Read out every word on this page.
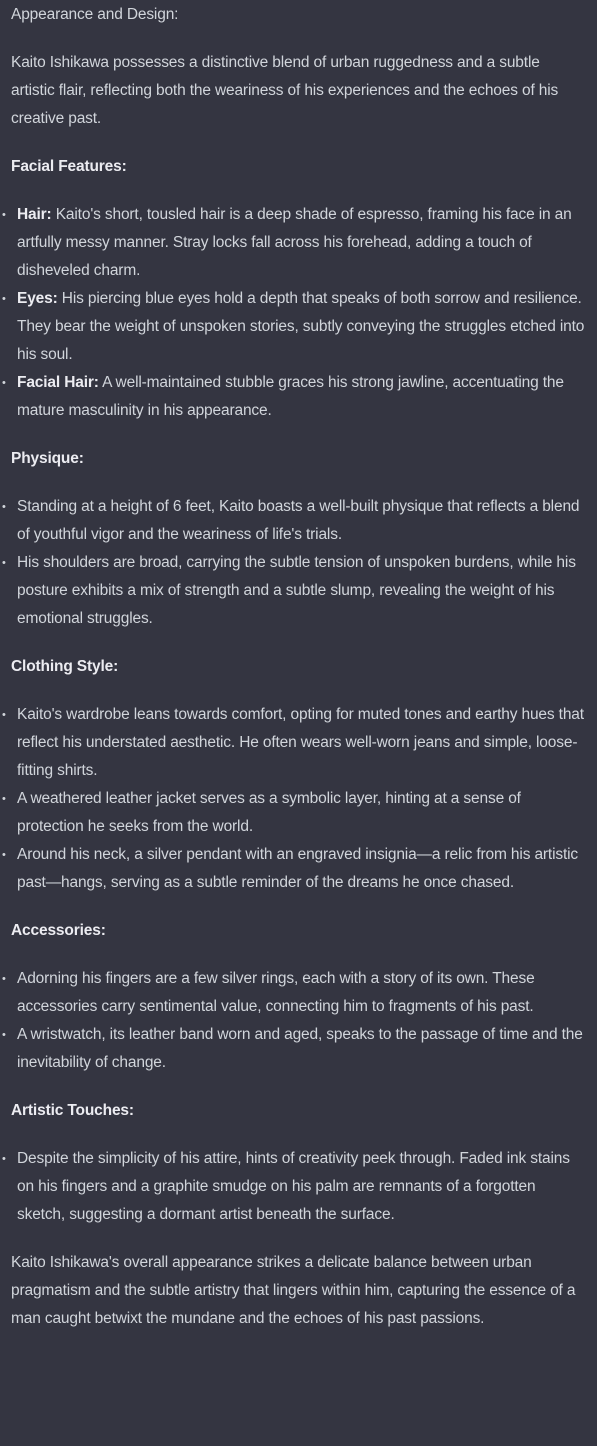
Appearance and Design:

Kaito Ishikawa possesses a distinctive blend of urban ruggedness and a subtle artistic flair, reflecting both the weariness of his experiences and the echoes of his creative past.

Facial Features:

• Hair: Kaito's short, tousled hair is a deep shade of espresso, framing his face in an artfully messy manner. Stray locks fall across his forehead, adding a touch of disheveled charm.
• Eyes: His piercing blue eyes hold a depth that speaks of both sorrow and resilience. They bear the weight of unspoken stories, subtly conveying the struggles etched into his soul.
• Facial Hair: A well-maintained stubble graces his strong jawline, accentuating the mature masculinity in his appearance.

Physique:

• Standing at a height of 6 feet, Kaito boasts a well-built physique that reflects a blend of youthful vigor and the weariness of life's trials.
• His shoulders are broad, carrying the subtle tension of unspoken burdens, while his posture exhibits a mix of strength and a subtle slump, revealing the weight of his emotional struggles.

Clothing Style:

• Kaito's wardrobe leans towards comfort, opting for muted tones and earthy hues that reflect his understated aesthetic. He often wears well-worn jeans and simple, loose-fitting shirts.
• A weathered leather jacket serves as a symbolic layer, hinting at a sense of protection he seeks from the world.
• Around his neck, a silver pendant with an engraved insignia—a relic from his artistic past—hangs, serving as a subtle reminder of the dreams he once chased.

Accessories:

• Adorning his fingers are a few silver rings, each with a story of its own. These accessories carry sentimental value, connecting him to fragments of his past.
• A wristwatch, its leather band worn and aged, speaks to the passage of time and the inevitability of change.

Artistic Touches:

• Despite the simplicity of his attire, hints of creativity peek through. Faded ink stains on his fingers and a graphite smudge on his palm are remnants of a forgotten sketch, suggesting a dormant artist beneath the surface.

Kaito Ishikawa's overall appearance strikes a delicate balance between urban pragmatism and the subtle artistry that lingers within him, capturing the essence of a man caught betwixt the mundane and the echoes of his past passions.
